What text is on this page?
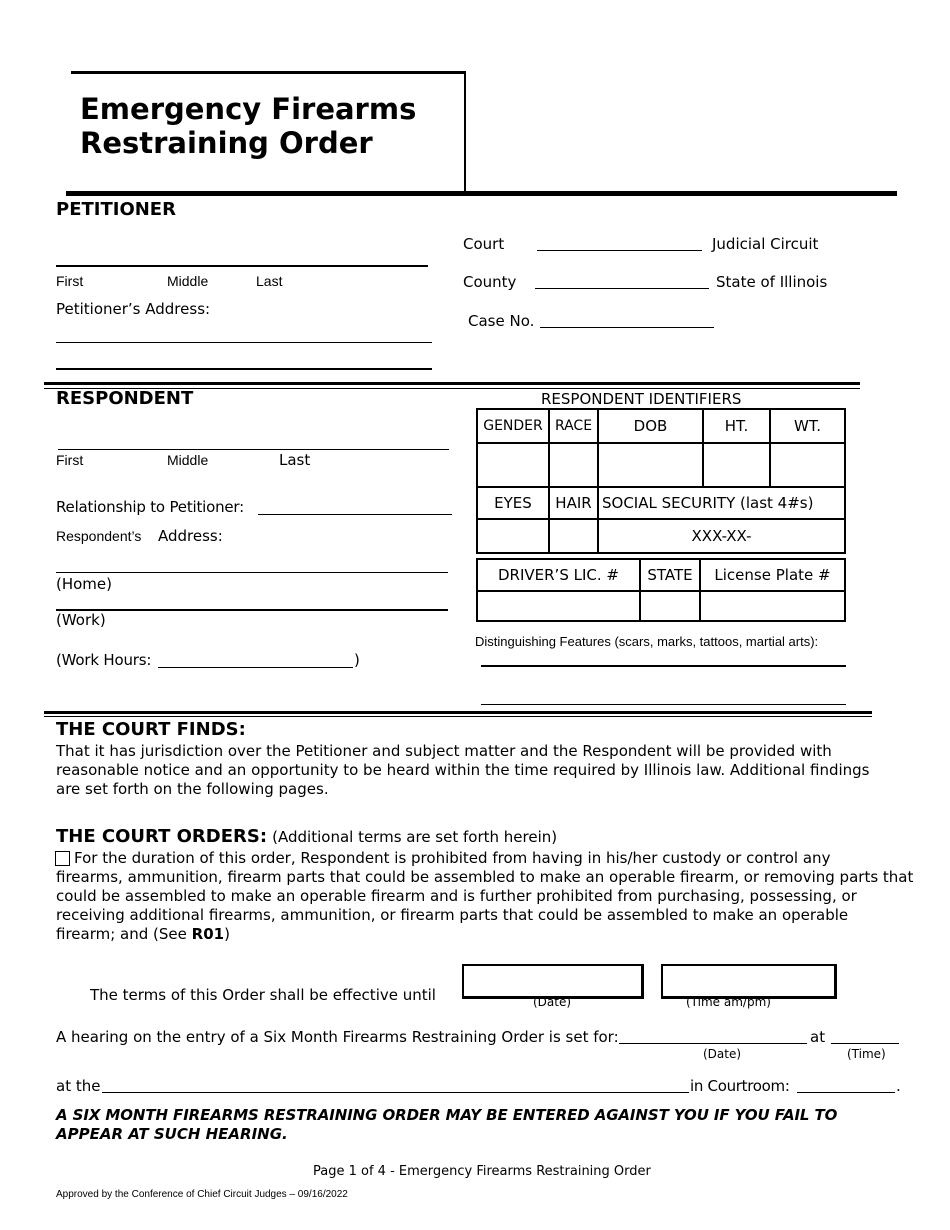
Emergency Firearms
Restraining Order
PETITIONER
First	Middle	Last
Petitioner’s Address:
Court	Judicial Circuit
County	State of Illinois
Case No.
RESPONDENT
First	Middle	Last
Relationship to Petitioner:
Respondent’s Address:
(Home)
(Work)
(Work Hours:	)
RESPONDENT IDENTIFIERS
GENDER	RACE	DOB	HT.	WT.

EYES	HAIR	SOCIAL SECURITY (last 4#s)
		XXX-XX-
DRIVER’S LIC. #	STATE	License Plate #

Distinguishing Features (scars, marks, tattoos, martial arts):
THE COURT FINDS:
That it has jurisdiction over the Petitioner and subject matter and the Respondent will be provided with
reasonable notice and an opportunity to be heard within the time required by Illinois law. Additional findings
are set forth on the following pages.
THE COURT ORDERS: (Additional terms are set forth herein)
For the duration of this order, Respondent is prohibited from having in his/her custody or control any
firearms, ammunition, firearm parts that could be assembled to make an operable firearm, or removing parts that
could be assembled to make an operable firearm and is further prohibited from purchasing, possessing, or
receiving additional firearms, ammunition, or firearm parts that could be assembled to make an operable
firearm; and (See R01)
The terms of this Order shall be effective until	(Date)	(Time am/pm)
A hearing on the entry of a Six Month Firearms Restraining Order is set for:	at
(Date)	(Time)
at the	in Courtroom:	.
A SIX MONTH FIREARMS RESTRAINING ORDER MAY BE ENTERED AGAINST YOU IF YOU FAIL TO
APPEAR AT SUCH HEARING.
Page 1 of 4 - Emergency Firearms Restraining Order
Approved by the Conference of Chief Circuit Judges – 09/16/2022
